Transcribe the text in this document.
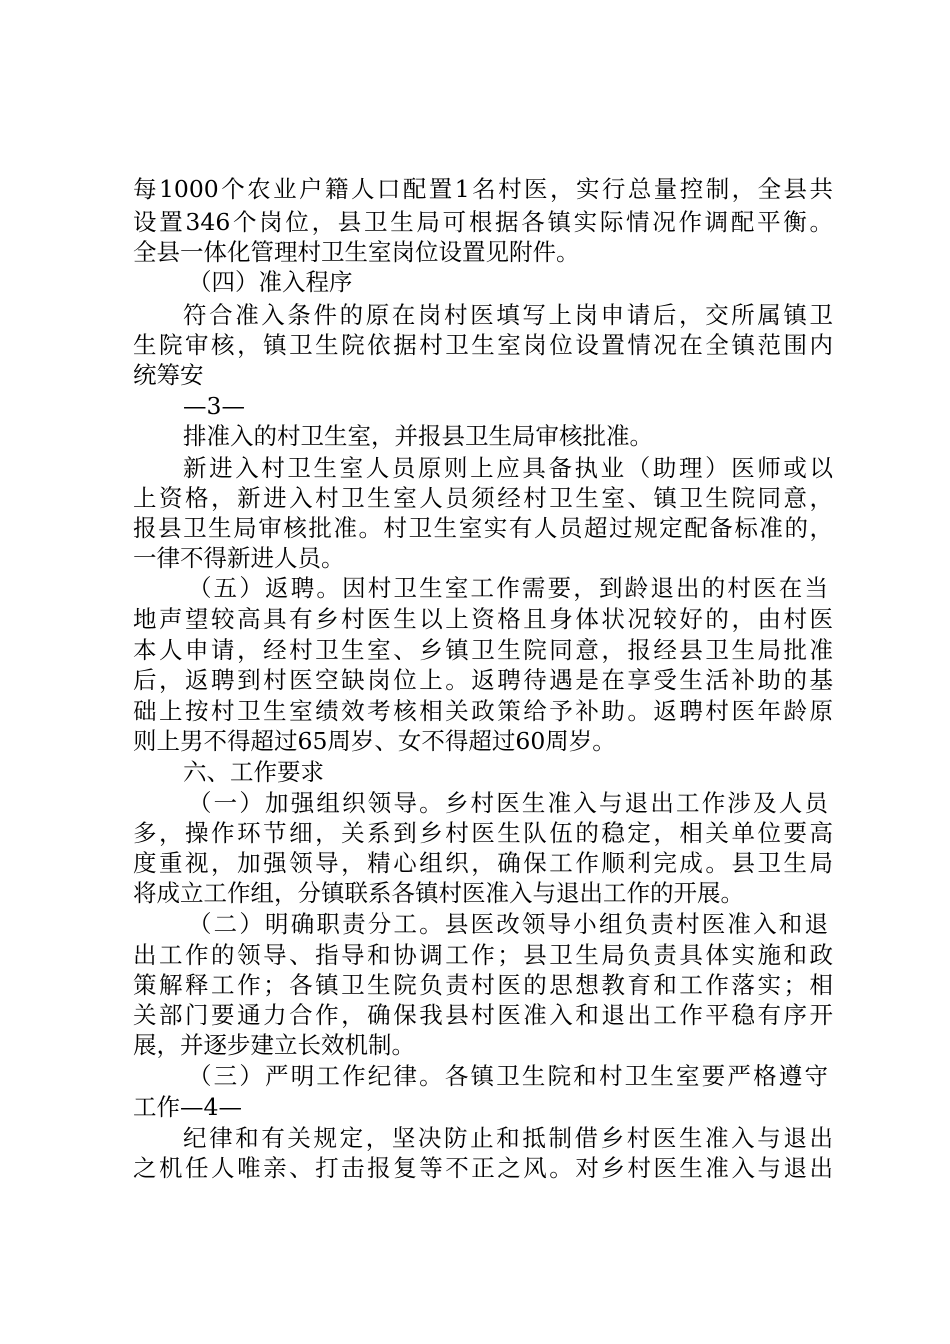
每1000个农业户籍人口配置1名村医，实行总量控制，全县共
设置346个岗位，县卫生局可根据各镇实际情况作调配平衡。
全县一体化管理村卫生室岗位设置见附件。
（四）准入程序
符合准入条件的原在岗村医填写上岗申请后，交所属镇卫
生院审核，镇卫生院依据村卫生室岗位设置情况在全镇范围内
统筹安
—3—
排准入的村卫生室，并报县卫生局审核批准。
新进入村卫生室人员原则上应具备执业（助理）医师或以
上资格，新进入村卫生室人员须经村卫生室、镇卫生院同意，
报县卫生局审核批准。村卫生室实有人员超过规定配备标准的，
一律不得新进人员。
（五）返聘。因村卫生室工作需要，到龄退出的村医在当
地声望较高具有乡村医生以上资格且身体状况较好的，由村医
本人申请，经村卫生室、乡镇卫生院同意，报经县卫生局批准
后，返聘到村医空缺岗位上。返聘待遇是在享受生活补助的基
础上按村卫生室绩效考核相关政策给予补助。返聘村医年龄原
则上男不得超过65周岁、女不得超过60周岁。
六、工作要求
（一）加强组织领导。乡村医生准入与退出工作涉及人员
多，操作环节细，关系到乡村医生队伍的稳定，相关单位要高
度重视，加强领导，精心组织，确保工作顺利完成。县卫生局
将成立工作组，分镇联系各镇村医准入与退出工作的开展。
（二）明确职责分工。县医改领导小组负责村医准入和退
出工作的领导、指导和协调工作；县卫生局负责具体实施和政
策解释工作；各镇卫生院负责村医的思想教育和工作落实；相
关部门要通力合作，确保我县村医准入和退出工作平稳有序开
展，并逐步建立长效机制。
（三）严明工作纪律。各镇卫生院和村卫生室要严格遵守
工作—4—
纪律和有关规定，坚决防止和抵制借乡村医生准入与退出
之机任人唯亲、打击报复等不正之风。对乡村医生准入与退出
